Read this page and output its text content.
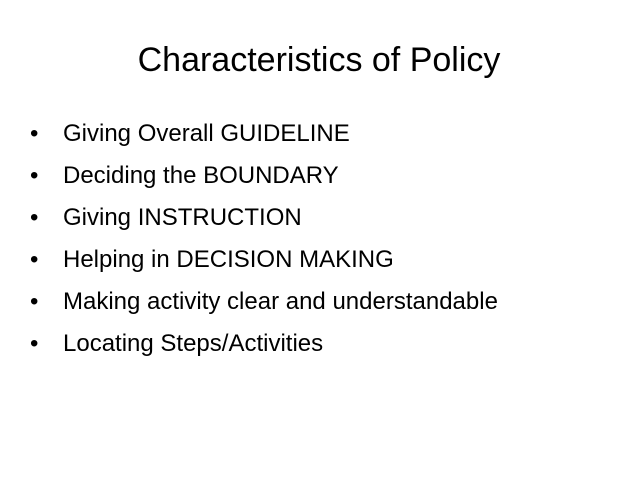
Characteristics of Policy
•	Giving Overall GUIDELINE
•	Deciding the BOUNDARY
•	Giving INSTRUCTION
•	Helping in DECISION MAKING
•	Making activity clear and understandable
•	Locating Steps/Activities
